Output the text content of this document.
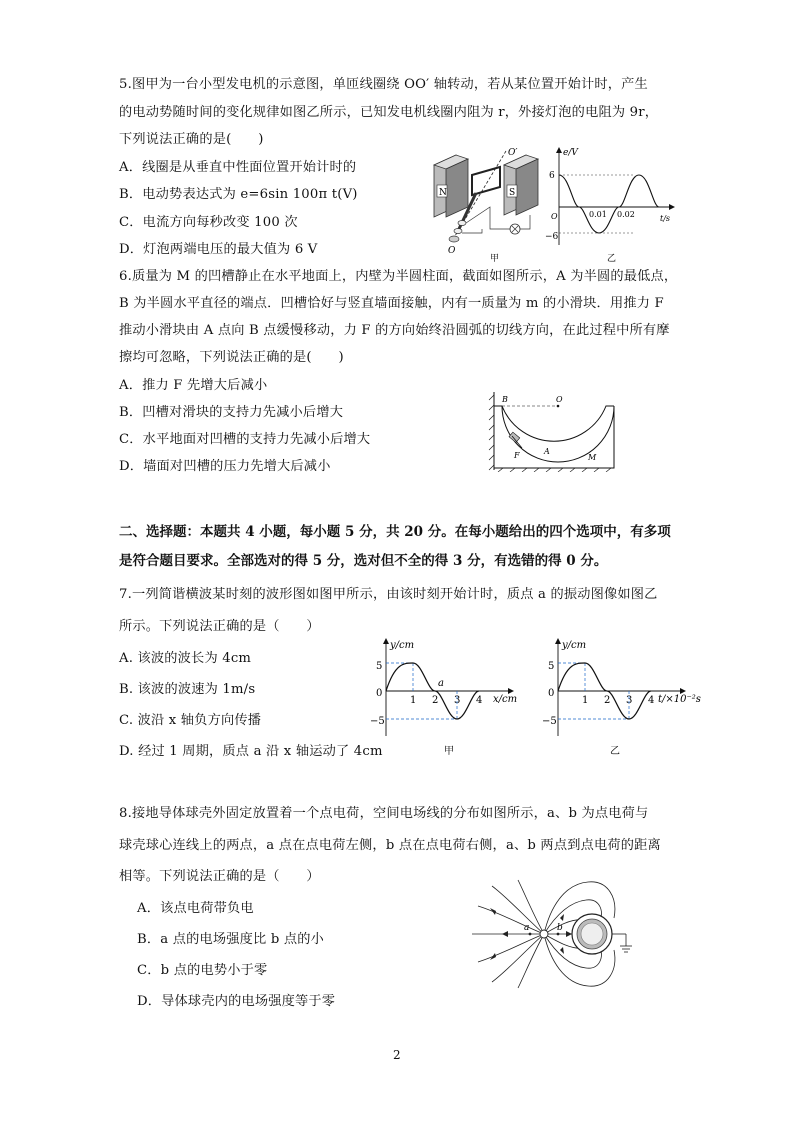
5.图甲为一台小型发电机的示意图，单匝线圈绕 OO′ 轴转动，若从某位置开始计时，产生
的电动势随时间的变化规律如图乙所示，已知发电机线圈内阻为 r，外接灯泡的电阻为 9r，
下列说法正确的是(　　)
A．线圈是从垂直中性面位置开始计时的
B．电动势表达式为 e=6sin 100π t(V)
C．电流方向每秒改变 100 次
D．灯泡两端电压的最大值为 6 V
N	S
O′
O
甲
e/V
t/s
6
−6
O	0.01 0.02
乙
6.质量为 M 的凹槽静止在水平地面上，内壁为半圆柱面，截面如图所示，A 为半圆的最低点，
B 为半圆水平直径的端点．凹槽恰好与竖直墙面接触，内有一质量为 m 的小滑块．用推力 F
推动小滑块由 A 点向 B 点缓慢移动，力 F 的方向始终沿圆弧的切线方向，在此过程中所有摩
擦均可忽略，下列说法正确的是(　　)
A．推力 F 先增大后减小
B．凹槽对滑块的支持力先减小后增大
C．水平地面对凹槽的支持力先减小后增大
D．墙面对凹槽的压力先增大后减小
B	O
F	A
M
二、选择题：本题共 4 小题，每小题 5 分，共 20 分。在每小题给出的四个选项中，有多项
是符合题目要求。全部选对的得 5 分，选对但不全的得 3 分，有选错的得 0 分。
7.一列简谐横波某时刻的波形图如图甲所示，由该时刻开始计时，质点 a 的振动图像如图乙
所示。下列说法正确的是（　　）
A. 该波的波长为 4cm
B. 该波的波速为 1m/s
C. 波沿 x 轴负方向传播
D. 经过 1 周期，质点 a 沿 x 轴运动了 4cm
y/cm
x/cm
5
−5
0
1 2 3 4
a
甲
y/cm
t/×10⁻²s
5
−5
0
1 2 3 4
乙
8.接地导体球壳外固定放置着一个点电荷，空间电场线的分布如图所示，a、b 为点电荷与
球壳球心连线上的两点，a 点在点电荷左侧，b 点在点电荷右侧，a、b 两点到点电荷的距离
相等。下列说法正确的是（　　）
A．该点电荷带负电
B．a 点的电场强度比 b 点的小
C．b 点的电势小于零
D．导体球壳内的电场强度等于零
a	b
2
